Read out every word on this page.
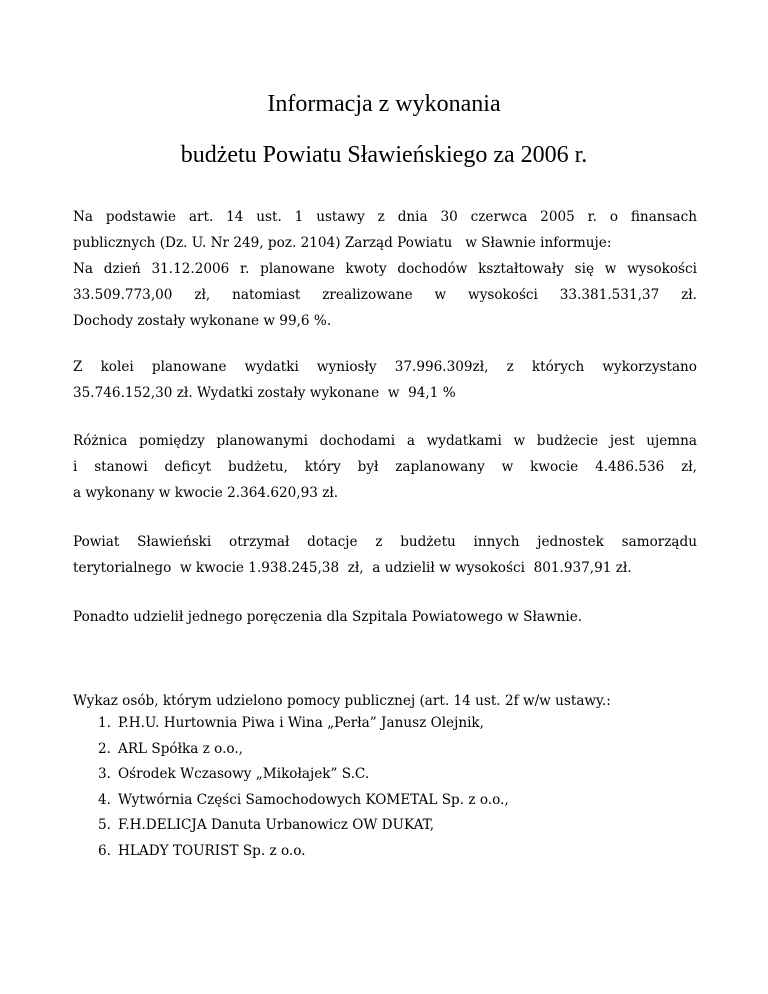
Informacja z wykonania
budżetu Powiatu Sławieńskiego za 2006 r.
Na podstawie art. 14 ust. 1 ustawy z dnia 30 czerwca 2005 r. o finansach
publicznych (Dz. U. Nr 249, poz. 2104) Zarząd Powiatu   w Sławnie informuje:
Na dzień 31.12.2006 r. planowane kwoty dochodów kształtowały się w wysokości
33.509.773,00 zł, natomiast zrealizowane w wysokości 33.381.531,37 zł.
Dochody zostały wykonane w 99,6 %.
Z kolei planowane wydatki wyniosły 37.996.309zł, z których wykorzystano
35.746.152,30 zł. Wydatki zostały wykonane  w  94,1 %
Różnica pomiędzy planowanymi dochodami a wydatkami w budżecie jest ujemna
i stanowi deficyt budżetu, który był zaplanowany w kwocie 4.486.536 zł,
a wykonany w kwocie 2.364.620,93 zł.
Powiat Sławieński otrzymał dotacje z budżetu innych jednostek samorządu
terytorialnego  w kwocie 1.938.245,38  zł,  a udzielił w wysokości  801.937,91 zł.
Ponadto udzielił jednego poręczenia dla Szpitala Powiatowego w Sławnie.
Wykaz osób, którym udzielono pomocy publicznej (art. 14 ust. 2f w/w ustawy.:
1. P.H.U. Hurtownia Piwa i Wina „Perła” Janusz Olejnik,
2. ARL Spółka z o.o.,
3. Ośrodek Wczasowy „Mikołajek” S.C.
4. Wytwórnia Części Samochodowych KOMETAL Sp. z o.o.,
5. F.H.DELICJA Danuta Urbanowicz OW DUKAT,
6. HLADY TOURIST Sp. z o.o.
